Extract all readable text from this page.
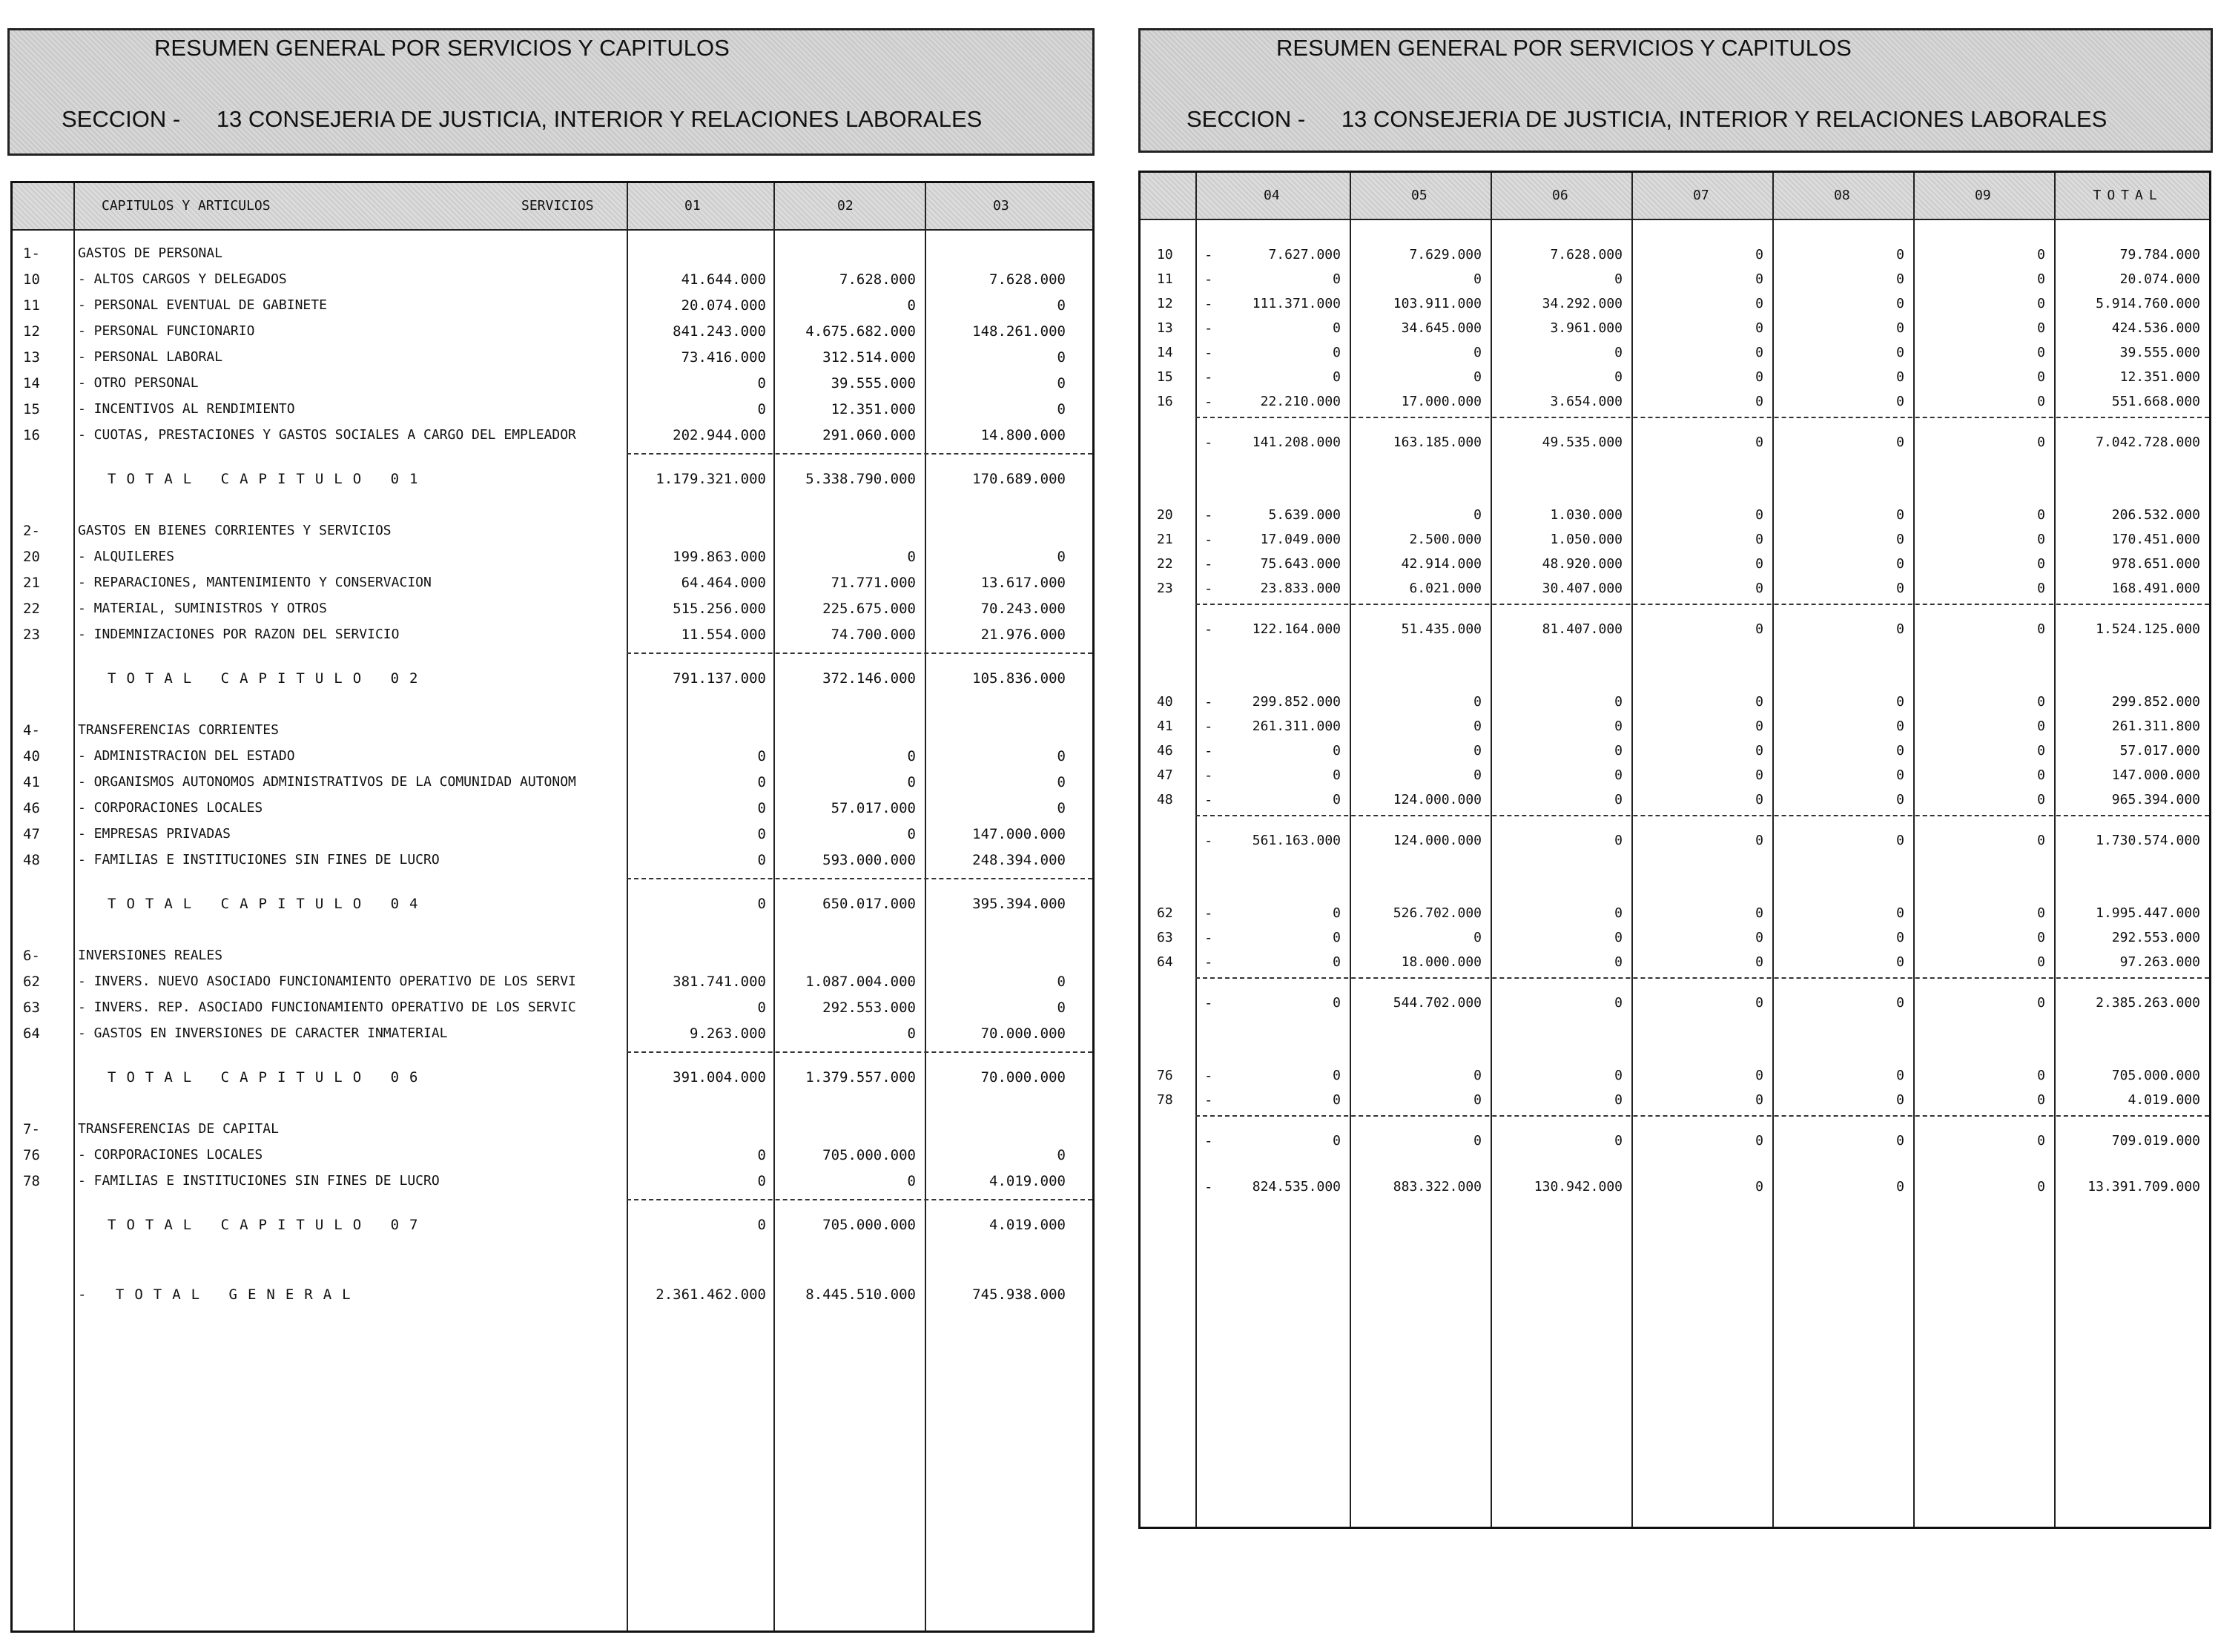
RESUMEN GENERAL POR SERVICIOS Y CAPITULOS
SECCION - 13 CONSEJERIA DE JUSTICIA, INTERIOR Y RELACIONES LABORALES
RESUMEN GENERAL POR SERVICIOS Y CAPITULOS
SECCION - 13 CONSEJERIA DE JUSTICIA, INTERIOR Y RELACIONES LABORALES
CAPITULOS Y ARTICULOS	SERVICIOS	01	02	03
1-	GASTOS DE PERSONAL
10	- ALTOS CARGOS Y DELEGADOS	41.644.000	7.628.000	7.628.000
11	- PERSONAL EVENTUAL DE GABINETE	20.074.000	0	0
12	- PERSONAL FUNCIONARIO	841.243.000	4.675.682.000	148.261.000
13	- PERSONAL LABORAL	73.416.000	312.514.000	0
14	- OTRO PERSONAL	0	39.555.000	0
15	- INCENTIVOS AL RENDIMIENTO	0	12.351.000	0
16	- CUOTAS, PRESTACIONES Y GASTOS SOCIALES A CARGO DEL EMPLEADOR	202.944.000	291.060.000	14.800.000
TOTAL CAPITULO 01	1.179.321.000	5.338.790.000	170.689.000
2-	GASTOS EN BIENES CORRIENTES Y SERVICIOS
20	- ALQUILERES	199.863.000	0	0
21	- REPARACIONES, MANTENIMIENTO Y CONSERVACION	64.464.000	71.771.000	13.617.000
22	- MATERIAL, SUMINISTROS Y OTROS	515.256.000	225.675.000	70.243.000
23	- INDEMNIZACIONES POR RAZON DEL SERVICIO	11.554.000	74.700.000	21.976.000
TOTAL CAPITULO 02	791.137.000	372.146.000	105.836.000
4-	TRANSFERENCIAS CORRIENTES
40	- ADMINISTRACION DEL ESTADO	0	0	0
41	- ORGANISMOS AUTONOMOS ADMINISTRATIVOS DE LA COMUNIDAD AUTONOM	0	0	0
46	- CORPORACIONES LOCALES	0	57.017.000	0
47	- EMPRESAS PRIVADAS	0	0	147.000.000
48	- FAMILIAS E INSTITUCIONES SIN FINES DE LUCRO	0	593.000.000	248.394.000
TOTAL CAPITULO 04	0	650.017.000	395.394.000
6-	INVERSIONES REALES
62	- INVERS. NUEVO ASOCIADO FUNCIONAMIENTO OPERATIVO DE LOS SERVI	381.741.000	1.087.004.000	0
63	- INVERS. REP. ASOCIADO FUNCIONAMIENTO OPERATIVO DE LOS SERVIC	0	292.553.000	0
64	- GASTOS EN INVERSIONES DE CARACTER INMATERIAL	9.263.000	0	70.000.000
TOTAL CAPITULO 06	391.004.000	1.379.557.000	70.000.000
7-	TRANSFERENCIAS DE CAPITAL
76	- CORPORACIONES LOCALES	0	705.000.000	0
78	- FAMILIAS E INSTITUCIONES SIN FINES DE LUCRO	0	0	4.019.000
TOTAL CAPITULO 07	0	705.000.000	4.019.000
- TOTAL GENERAL	2.361.462.000	8.445.510.000	745.938.000
04	05	06	07	08	09	TOTAL
10 -	7.627.000	7.629.000	7.628.000	0	0	0	79.784.000
11 -	0	0	0	0	0	0	20.074.000
12 -	111.371.000	103.911.000	34.292.000	0	0	0	5.914.760.000
13 -	0	34.645.000	3.961.000	0	0	0	424.536.000
14 -	0	0	0	0	0	0	39.555.000
15 -	0	0	0	0	0	0	12.351.000
16 -	22.210.000	17.000.000	3.654.000	0	0	0	551.668.000
-	141.208.000	163.185.000	49.535.000	0	0	0	7.042.728.000
20 -	5.639.000	0	1.030.000	0	0	0	206.532.000
21 -	17.049.000	2.500.000	1.050.000	0	0	0	170.451.000
22 -	75.643.000	42.914.000	48.920.000	0	0	0	978.651.000
23 -	23.833.000	6.021.000	30.407.000	0	0	0	168.491.000
-	122.164.000	51.435.000	81.407.000	0	0	0	1.524.125.000
40 -	299.852.000	0	0	0	0	0	299.852.000
41 -	261.311.000	0	0	0	0	0	261.311.800
46 -	0	0	0	0	0	0	57.017.000
47 -	0	0	0	0	0	0	147.000.000
48 -	0	124.000.000	0	0	0	0	965.394.000
-	561.163.000	124.000.000	0	0	0	0	1.730.574.000
62 -	0	526.702.000	0	0	0	0	1.995.447.000
63 -	0	0	0	0	0	0	292.553.000
64 -	0	18.000.000	0	0	0	0	97.263.000
-	0	544.702.000	0	0	0	0	2.385.263.000
76 -	0	0	0	0	0	0	705.000.000
78 -	0	0	0	0	0	0	4.019.000
-	0	0	0	0	0	0	709.019.000
-	824.535.000	883.322.000	130.942.000	0	0	0	13.391.709.000
